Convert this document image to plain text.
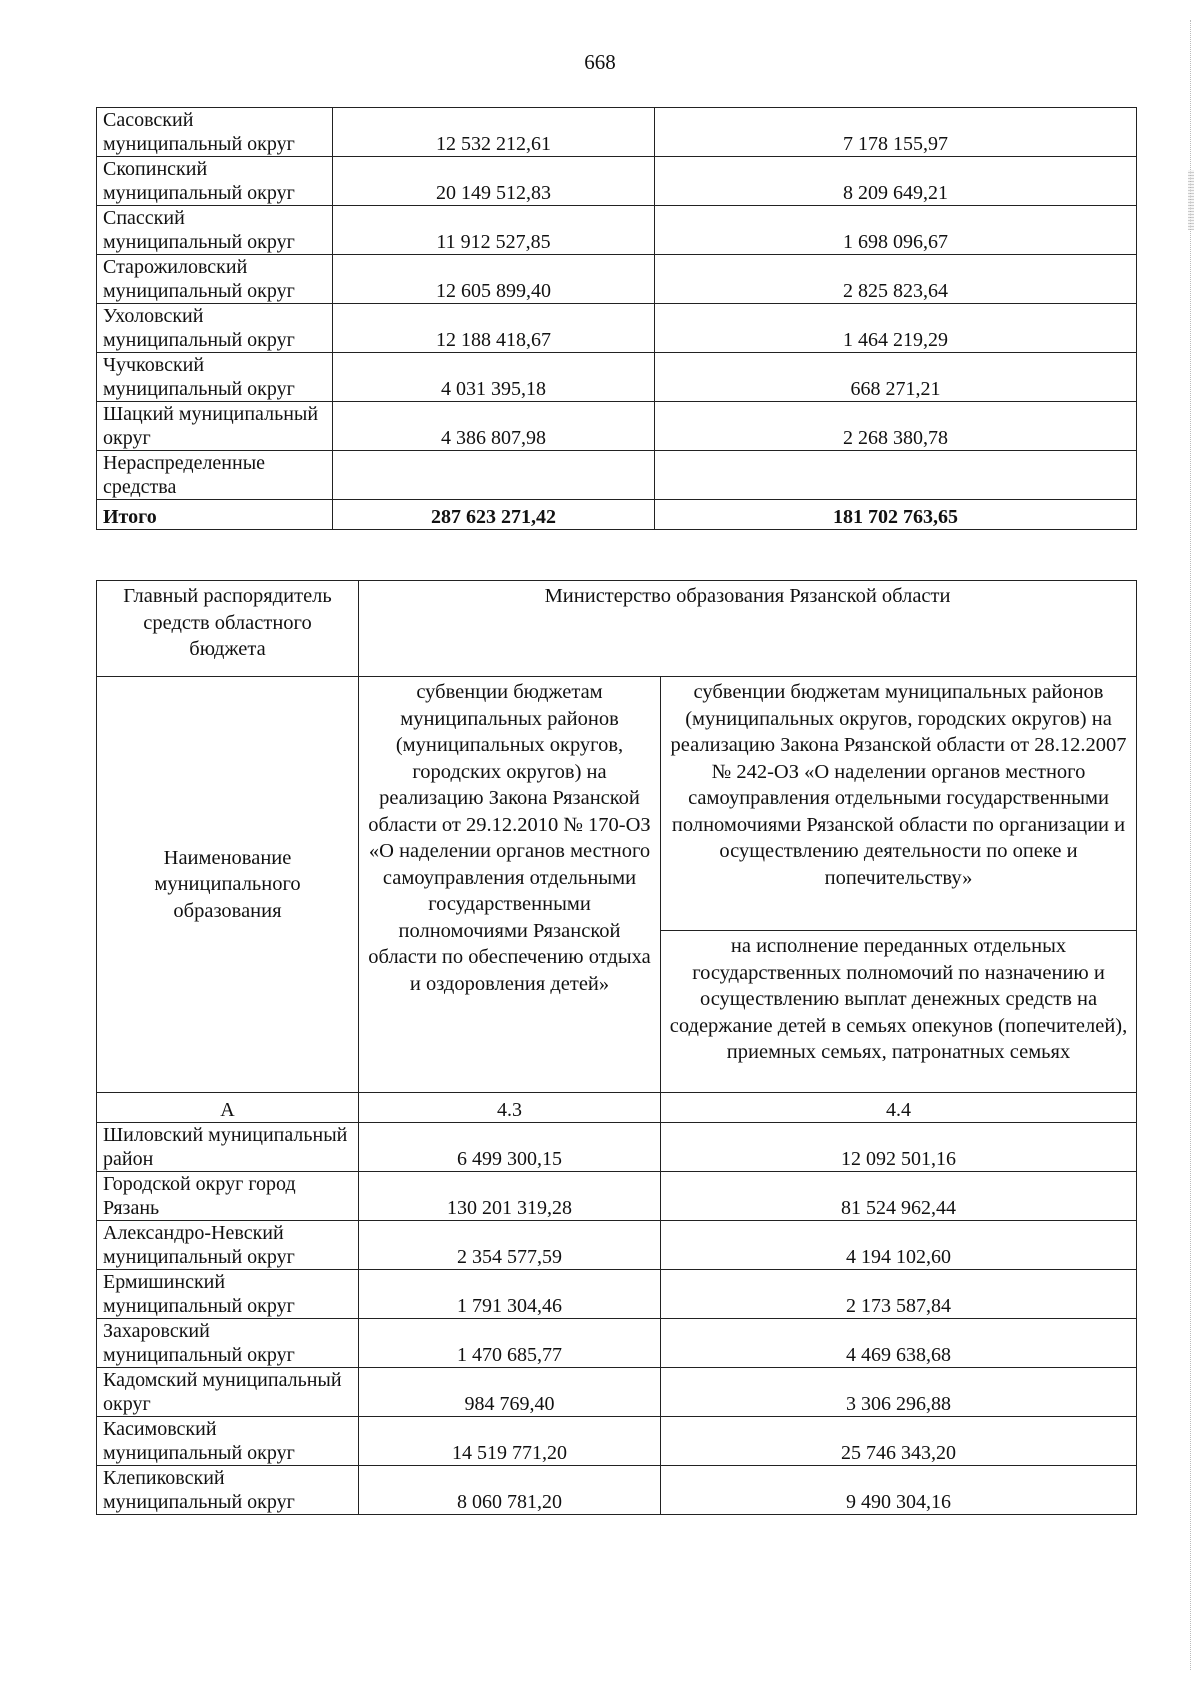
668
Сасовский муниципальный округ	12 532 212,61	7 178 155,97
Скопинский муниципальный округ	20 149 512,83	8 209 649,21
Спасский муниципальный округ	11 912 527,85	1 698 096,67
Старожиловский муниципальный округ	12 605 899,40	2 825 823,64
Ухоловский муниципальный округ	12 188 418,67	1 464 219,29
Чучковский муниципальный округ	4 031 395,18	668 271,21
Шацкий муниципальный округ	4 386 807,98	2 268 380,78
Нераспределенные средства		
Итого	287 623 271,42	181 702 763,65
Главный распорядитель средств областного бюджета	Министерство образования Рязанской области	
Наименование муниципального образования	субвенции бюджетам муниципальных районов (муниципальных округов, городских округов) на реализацию Закона Рязанской области от 29.12.2010 № 170-ОЗ «О наделении органов местного самоуправления отдельными государственными полномочиями Рязанской области по обеспечению отдыха и оздоровления детей»	субвенции бюджетам муниципальных районов (муниципальных округов, городских округов) на реализацию Закона Рязанской области от 28.12.2007 № 242-ОЗ «О наделении органов местного самоуправления отдельными государственными полномочиями Рязанской области по организации и осуществлению деятельности по опеке и попечительству»
		на исполнение переданных отдельных государственных полномочий по назначению и осуществлению выплат денежных средств на содержание детей в семьях опекунов (попечителей), приемных семьях, патронатных семьях
А	4.3	4.4
Шиловский муниципальный район	6 499 300,15	12 092 501,16
Городской округ город Рязань	130 201 319,28	81 524 962,44
Александро-Невский муниципальный округ	2 354 577,59	4 194 102,60
Ермишинский муниципальный округ	1 791 304,46	2 173 587,84
Захаровский муниципальный округ	1 470 685,77	4 469 638,68
Кадомский муниципальный округ	984 769,40	3 306 296,88
Касимовский муниципальный округ	14 519 771,20	25 746 343,20
Клепиковский муниципальный округ	8 060 781,20	9 490 304,16
